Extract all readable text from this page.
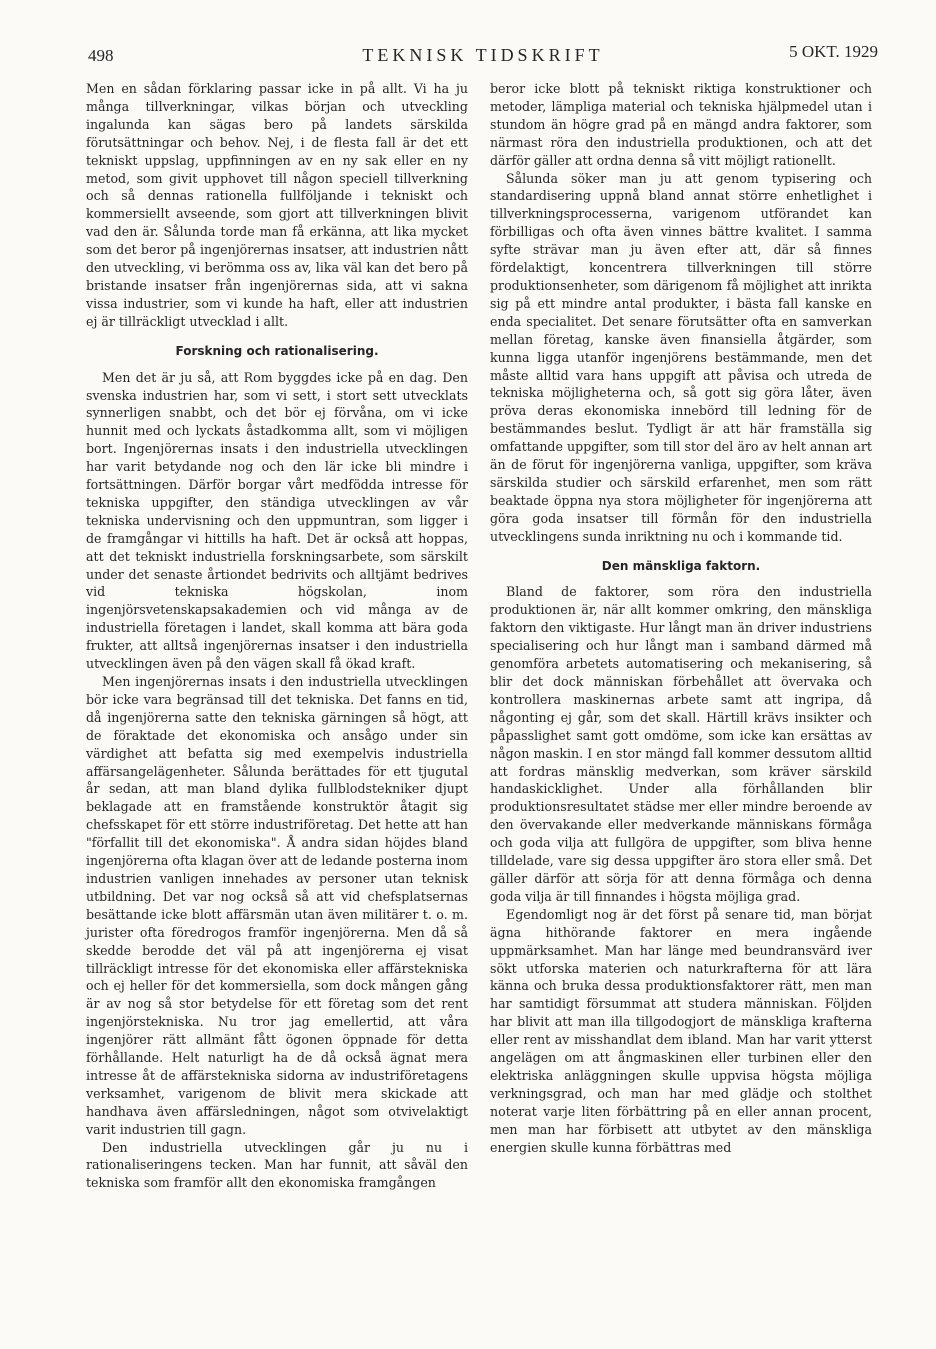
498	TEKNISK TIDSKRIFT	5 OKT. 1929

Men en sådan förklaring passar icke in på allt. Vi ha ju många tillverkningar, vilkas början och utveckling ingalunda kan sägas bero på landets särskilda förutsättningar och behov. Nej, i de flesta fall är det ett tekniskt uppslag, uppfinningen av en ny sak eller en ny metod, som givit upphovet till någon speciell tillverkning och så dennas rationella fullföljande i tekniskt och kommersiellt avseende, som gjort att tillverkningen blivit vad den är. Sålunda torde man få erkänna, att lika mycket som det beror på ingenjörernas insatser, att industrien nått den utveckling, vi berömma oss av, lika väl kan det bero på bristande insatser från ingenjörernas sida, att vi sakna vissa industrier, som vi kunde ha haft, eller att industrien ej är tillräckligt utvecklad i allt.

Forskning och rationalisering.

Men det är ju så, att Rom byggdes icke på en dag. Den svenska industrien har, som vi sett, i stort sett utvecklats synnerligen snabbt, och det bör ej förvåna, om vi icke hunnit med och lyckats åstadkomma allt, som vi möjligen bort. Ingenjörernas insats i den industriella utvecklingen har varit betydande nog och den lär icke bli mindre i fortsättningen. Därför borgar vårt medfödda intresse för tekniska uppgifter, den ständiga utvecklingen av vår tekniska undervisning och den uppmuntran, som ligger i de framgångar vi hittills ha haft. Det är också att hoppas, att det tekniskt industriella forskningsarbete, som särskilt under det senaste årtiondet bedrivits och alltjämt bedrives vid tekniska högskolan, inom ingenjörsvetenskapsakademien och vid många av de industriella företagen i landet, skall komma att bära goda frukter, att alltså ingenjörernas insatser i den industriella utvecklingen även på den vägen skall få ökad kraft.

Men ingenjörernas insats i den industriella utvecklingen bör icke vara begränsad till det tekniska. Det fanns en tid, då ingenjörerna satte den tekniska gärningen så högt, att de föraktade det ekonomiska och ansågo under sin värdighet att befatta sig med exempelvis industriella affärsangelägenheter. Sålunda berättades för ett tjugutal år sedan, att man bland dylika fullblodstekniker djupt beklagade att en framstående konstruktör åtagit sig chefsskapet för ett större industriföretag. Det hette att han "förfallit till det ekonomiska". Å andra sidan höjdes bland ingenjörerna ofta klagan över att de ledande posterna inom industrien vanligen innehades av personer utan teknisk utbildning. Det var nog också så att vid chefsplatsernas besättande icke blott affärsmän utan även militärer t. o. m. jurister ofta föredrogos framför ingenjörerna. Men då så skedde berodde det väl på att ingenjörerna ej visat tillräckligt intresse för det ekonomiska eller affärstekniska och ej heller för det kommersiella, som dock mången gång är av nog så stor betydelse för ett företag som det rent ingenjörstekniska. Nu tror jag emellertid, att våra ingenjörer rätt allmänt fått ögonen öppnade för detta förhållande. Helt naturligt ha de då också ägnat mera intresse åt de affärstekniska sidorna av industriföretagens verksamhet, varigenom de blivit mera skickade att handhava även affärsledningen, något som otvivelaktigt varit industrien till gagn.

Den industriella utvecklingen går ju nu i rationaliseringens tecken. Man har funnit, att såväl den tekniska som framför allt den ekonomiska framgången

beror icke blott på tekniskt riktiga konstruktioner och metoder, lämpliga material och tekniska hjälpmedel utan i stundom än högre grad på en mängd andra faktorer, som närmast röra den industriella produktionen, och att det därför gäller att ordna denna så vitt möjligt rationellt.

Sålunda söker man ju att genom typisering och standardisering uppnå bland annat större enhetlighet i tillverkningsprocesserna, varigenom utförandet kan förbilligas och ofta även vinnes bättre kvalitet. I samma syfte strävar man ju även efter att, där så finnes fördelaktigt, koncentrera tillverkningen till större produktionsenheter, som därigenom få möjlighet att inrikta sig på ett mindre antal produkter, i bästa fall kanske en enda specialitet. Det senare förutsätter ofta en samverkan mellan företag, kanske även finansiella åtgärder, som kunna ligga utanför ingenjörens bestämmande, men det måste alltid vara hans uppgift att påvisa och utreda de tekniska möjligheterna och, så gott sig göra låter, även pröva deras ekonomiska innebörd till ledning för de bestämmandes beslut. Tydligt är att här framställa sig omfattande uppgifter, som till stor del äro av helt annan art än de förut för ingenjörerna vanliga, uppgifter, som kräva särskilda studier och särskild erfarenhet, men som rätt beaktade öppna nya stora möjligheter för ingenjörerna att göra goda insatser till förmån för den industriella utvecklingens sunda inriktning nu och i kommande tid.

Den mänskliga faktorn.

Bland de faktorer, som röra den industriella produktionen är, när allt kommer omkring, den mänskliga faktorn den viktigaste. Hur långt man än driver industriens specialisering och hur långt man i samband därmed må genomföra arbetets automatisering och mekanisering, så blir det dock människan förbehållet att övervaka och kontrollera maskinernas arbete samt att ingripa, då någonting ej går, som det skall. Härtill krävs insikter och påpasslighet samt gott omdöme, som icke kan ersättas av någon maskin. I en stor mängd fall kommer dessutom alltid att fordras mänsklig medverkan, som kräver särskild handaskicklighet. Under alla förhållanden blir produktionsresultatet städse mer eller mindre beroende av den övervakande eller medverkande människans förmåga och goda vilja att fullgöra de uppgifter, som bliva henne tilldelade, vare sig dessa uppgifter äro stora eller små. Det gäller därför att sörja för att denna förmåga och denna goda vilja är till finnandes i högsta möjliga grad.

Egendomligt nog är det först på senare tid, man börjat ägna hithörande faktorer en mera ingående uppmärksamhet. Man har länge med beundransvärd iver sökt utforska materien och naturkrafterna för att lära känna och bruka dessa produktionsfaktorer rätt, men man har samtidigt försummat att studera människan. Följden har blivit att man illa tillgodogjort de mänskliga krafterna eller rent av misshandlat dem ibland. Man har varit ytterst angelägen om att ångmaskinen eller turbinen eller den elektriska anläggningen skulle uppvisa högsta möjliga verkningsgrad, och man har med glädje och stolthet noterat varje liten förbättring på en eller annan procent, men man har förbisett att utbytet av den mänskliga energien skulle kunna förbättras med
